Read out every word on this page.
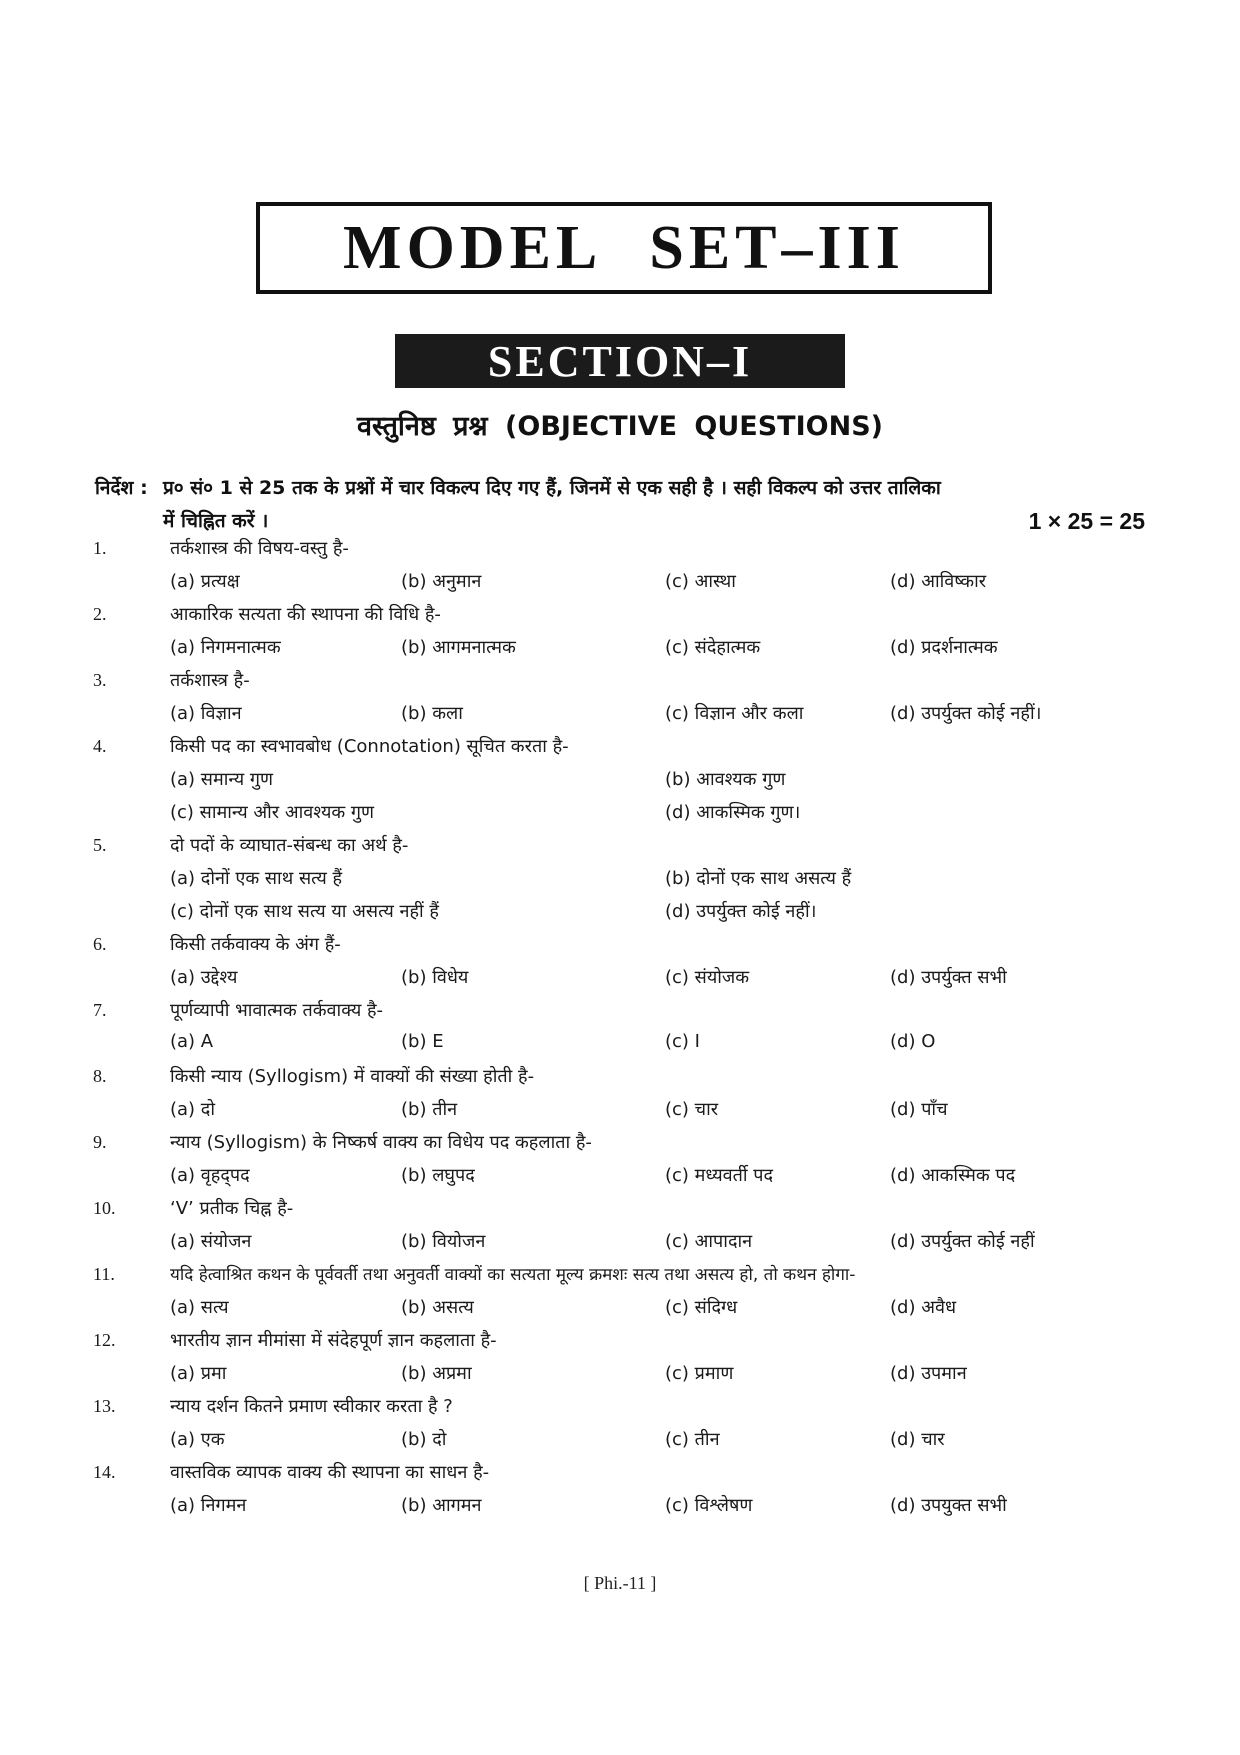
MODEL SET–III
SECTION–I
वस्तुनिष्ठ प्रश्न (OBJECTIVE QUESTIONS)
निर्देश : प्र० सं० 1 से 25 तक के प्रश्नों में चार विकल्प दिए गए हैं, जिनमें से एक सही है । सही विकल्प को उत्तर तालिका
में चिह्नित करें ।	1 × 25 = 25
1.	तर्कशास्त्र की विषय-वस्तु है-
(a) प्रत्यक्ष	(b) अनुमान	(c) आस्था	(d) आविष्कार
2.	आकारिक सत्यता की स्थापना की विधि है-
(a) निगमनात्मक	(b) आगमनात्मक	(c) संदेहात्मक	(d) प्रदर्शनात्मक
3.	तर्कशास्त्र है-
(a) विज्ञान	(b) कला	(c) विज्ञान और कला	(d) उपर्युक्त कोई नहीं।
4.	किसी पद का स्वभावबोध (Connotation) सूचित करता है-
(a) समान्य गुण	(b) आवश्यक गुण
(c) सामान्य और आवश्यक गुण	(d) आकस्मिक गुण।
5.	दो पदों के व्याघात-संबन्ध का अर्थ है-
(a) दोनों एक साथ सत्य हैं	(b) दोनों एक साथ असत्य हैं
(c) दोनों एक साथ सत्य या असत्य नहीं हैं	(d) उपर्युक्त कोई नहीं।
6.	किसी तर्कवाक्य के अंग हैं-
(a) उद्देश्य	(b) विधेय	(c) संयोजक	(d) उपर्युक्त सभी
7.	पूर्णव्यापी भावात्मक तर्कवाक्य है-
(a) A	(b) E	(c) I	(d) O
8.	किसी न्याय (Syllogism) में वाक्यों की संख्या होती है-
(a) दो	(b) तीन	(c) चार	(d) पाँच
9.	न्याय (Syllogism) के निष्कर्ष वाक्य का विधेय पद कहलाता है-
(a) वृहद्पद	(b) लघुपद	(c) मध्यवर्ती पद	(d) आकस्मिक पद
10.	‘V’ प्रतीक चिह्न है-
(a) संयोजन	(b) वियोजन	(c) आपादान	(d) उपर्युक्त कोई नहीं
11.	यदि हेत्वाश्रित कथन के पूर्ववर्ती तथा अनुवर्ती वाक्यों का सत्यता मूल्य क्रमशः सत्य तथा असत्य हो, तो कथन होगा-
(a) सत्य	(b) असत्य	(c) संदिग्ध	(d) अवैध
12.	भारतीय ज्ञान मीमांसा में संदेहपूर्ण ज्ञान कहलाता है-
(a) प्रमा	(b) अप्रमा	(c) प्रमाण	(d) उपमान
13.	न्याय दर्शन कितने प्रमाण स्वीकार करता है ?
(a) एक	(b) दो	(c) तीन	(d) चार
14.	वास्तविक व्यापक वाक्य की स्थापना का साधन है-
(a) निगमन	(b) आगमन	(c) विश्लेषण	(d) उपयुक्त सभी
[ Phi.-11 ]
